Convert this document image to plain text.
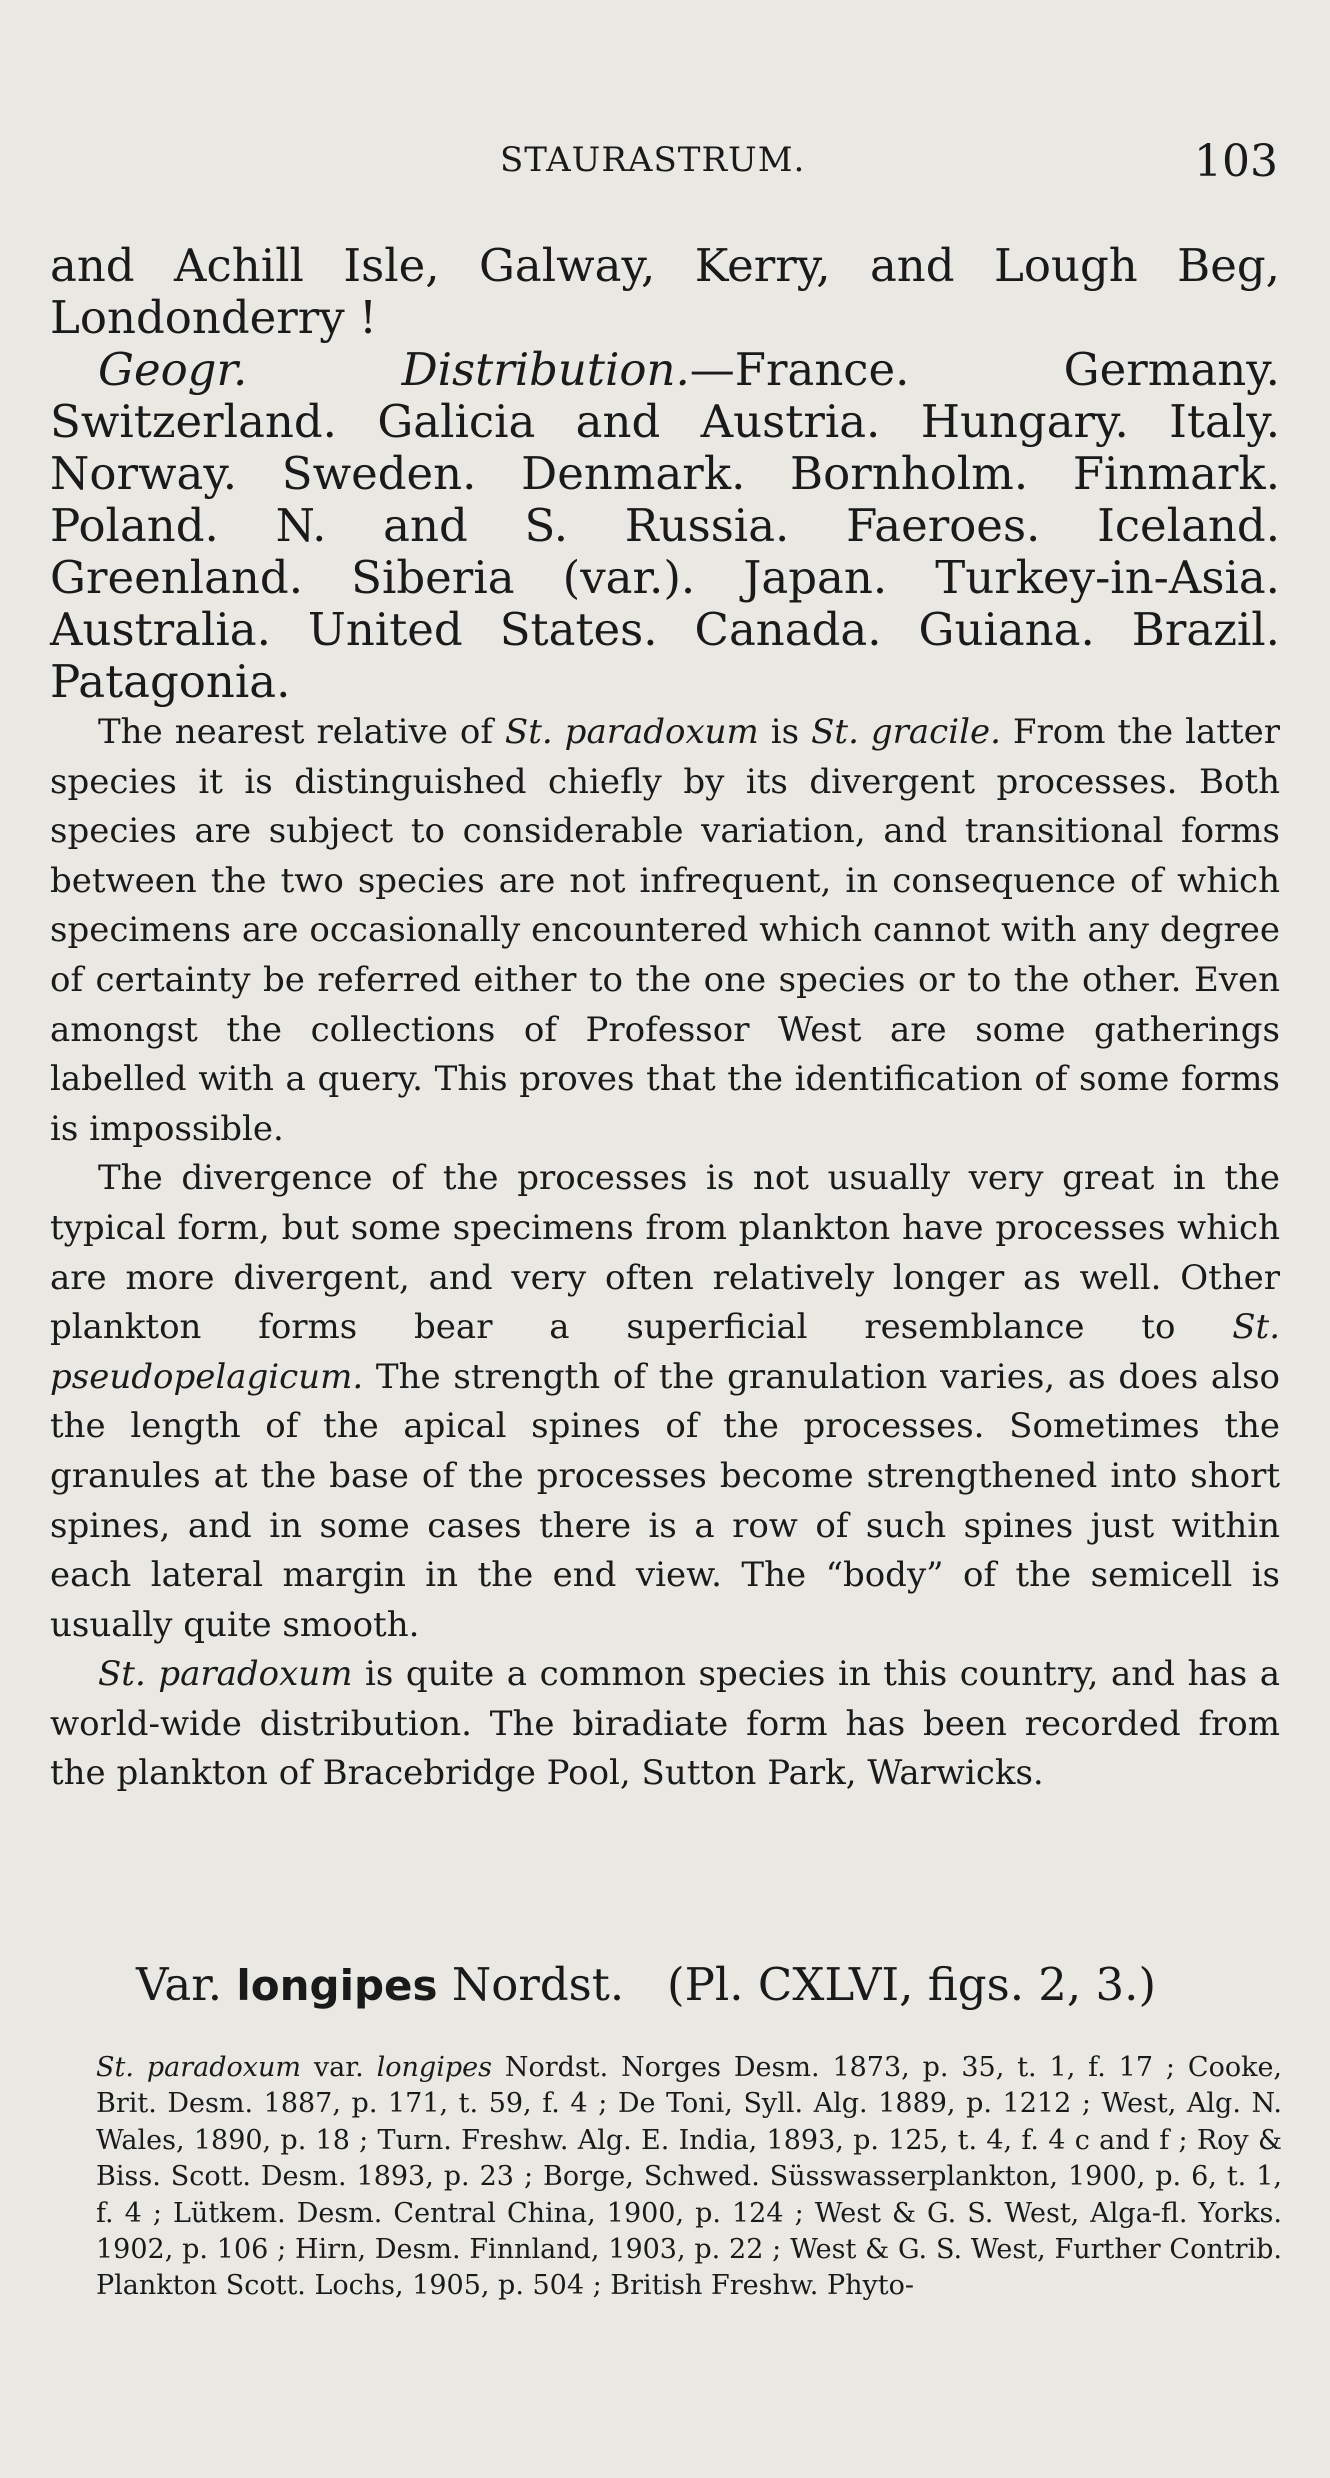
STAURASTRUM.	103

and Achill Isle, Galway, Kerry, and Lough Beg, Londonderry !

Geogr. Distribution.—France. Germany. Switzerland. Galicia and Austria. Hungary. Italy. Norway. Sweden. Denmark. Bornholm. Finmark. Poland. N. and S. Russia. Faeroes. Iceland. Greenland. Siberia (var.). Japan. Turkey-in-Asia. Australia. United States. Canada. Guiana. Brazil. Patagonia.

The nearest relative of St. paradoxum is St. gracile. From the latter species it is distinguished chiefly by its divergent processes. Both species are subject to considerable variation, and transitional forms between the two species are not infrequent, in consequence of which specimens are occasionally encountered which cannot with any degree of certainty be referred either to the one species or to the other. Even amongst the collections of Professor West are some gatherings labelled with a query. This proves that the identification of some forms is impossible.

The divergence of the processes is not usually very great in the typical form, but some specimens from plankton have processes which are more divergent, and very often relatively longer as well. Other plankton forms bear a superficial resemblance to St. pseudopelagicum. The strength of the granulation varies, as does also the length of the apical spines of the processes. Sometimes the granules at the base of the processes become strengthened into short spines, and in some cases there is a row of such spines just within each lateral margin in the end view. The “body” of the semicell is usually quite smooth.

St. paradoxum is quite a common species in this country, and has a world-wide distribution. The biradiate form has been recorded from the plankton of Bracebridge Pool, Sutton Park, Warwicks.

Var. longipes Nordst. (Pl. CXLVI, figs. 2, 3.)

St. paradoxum var. longipes Nordst. Norges Desm. 1873, p. 35, t. 1, f. 17 ; Cooke, Brit. Desm. 1887, p. 171, t. 59, f. 4 ; De Toni, Syll. Alg. 1889, p. 1212 ; West, Alg. N. Wales, 1890, p. 18 ; Turn. Freshw. Alg. E. India, 1893, p. 125, t. 4, f. 4 c and f ; Roy & Biss. Scott. Desm. 1893, p. 23 ; Borge, Schwed. Süsswasserplankton, 1900, p. 6, t. 1, f. 4 ; Lütkem. Desm. Central China, 1900, p. 124 ; West & G. S. West, Alga-fl. Yorks. 1902, p. 106 ; Hirn, Desm. Finnland, 1903, p. 22 ; West & G. S. West, Further Contrib. Plankton Scott. Lochs, 1905, p. 504 ; British Freshw. Phyto-
